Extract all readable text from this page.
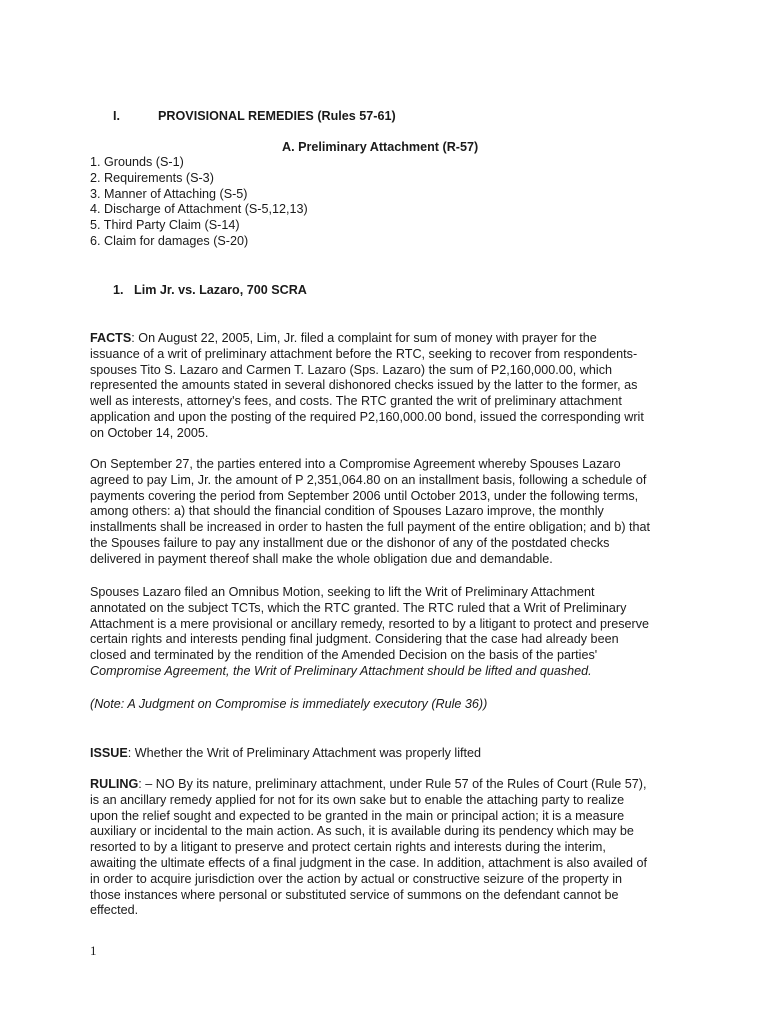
I.	PROVISIONAL REMEDIES (Rules 57-61)
A. Preliminary Attachment (R-57)
1. Grounds (S-1)
2. Requirements (S-3)
3. Manner of Attaching (S-5)
4. Discharge of Attachment (S-5,12,13)
5. Third Party Claim (S-14)
6. Claim for damages (S-20)
1. Lim Jr. vs. Lazaro, 700 SCRA
FACTS: On August 22, 2005, Lim, Jr. filed a complaint for sum of money with prayer for the
issuance of a writ of preliminary attachment before the RTC, seeking to recover from respondents-
spouses Tito S. Lazaro and Carmen T. Lazaro (Sps. Lazaro) the sum of P2,160,000.00, which
represented the amounts stated in several dishonored checks issued by the latter to the former, as
well as interests, attorney's fees, and costs. The RTC granted the writ of preliminary attachment
application and upon the posting of the required P2,160,000.00 bond, issued the corresponding writ
on October 14, 2005.
On September 27, the parties entered into a Compromise Agreement whereby Spouses Lazaro
agreed to pay Lim, Jr. the amount of P 2,351,064.80 on an installment basis, following a schedule of
payments covering the period from September 2006 until October 2013, under the following terms,
among others: a) that should the financial condition of Spouses Lazaro improve, the monthly
installments shall be increased in order to hasten the full payment of the entire obligation; and b) that
the Spouses failure to pay any installment due or the dishonor of any of the postdated checks
delivered in payment thereof shall make the whole obligation due and demandable.
Spouses Lazaro filed an Omnibus Motion, seeking to lift the Writ of Preliminary Attachment
annotated on the subject TCTs, which the RTC granted. The RTC ruled that a Writ of Preliminary
Attachment is a mere provisional or ancillary remedy, resorted to by a litigant to protect and preserve
certain rights and interests pending final judgment. Considering that the case had already been
closed and terminated by the rendition of the Amended Decision on the basis of the parties'
Compromise Agreement, the Writ of Preliminary Attachment should be lifted and quashed.
(Note: A Judgment on Compromise is immediately executory (Rule 36))
ISSUE: Whether the Writ of Preliminary Attachment was properly lifted
RULING: – NO By its nature, preliminary attachment, under Rule 57 of the Rules of Court (Rule 57),
is an ancillary remedy applied for not for its own sake but to enable the attaching party to realize
upon the relief sought and expected to be granted in the main or principal action; it is a measure
auxiliary or incidental to the main action. As such, it is available during its pendency which may be
resorted to by a litigant to preserve and protect certain rights and interests during the interim,
awaiting the ultimate effects of a final judgment in the case. In addition, attachment is also availed of
in order to acquire jurisdiction over the action by actual or constructive seizure of the property in
those instances where personal or substituted service of summons on the defendant cannot be
effected.
1
